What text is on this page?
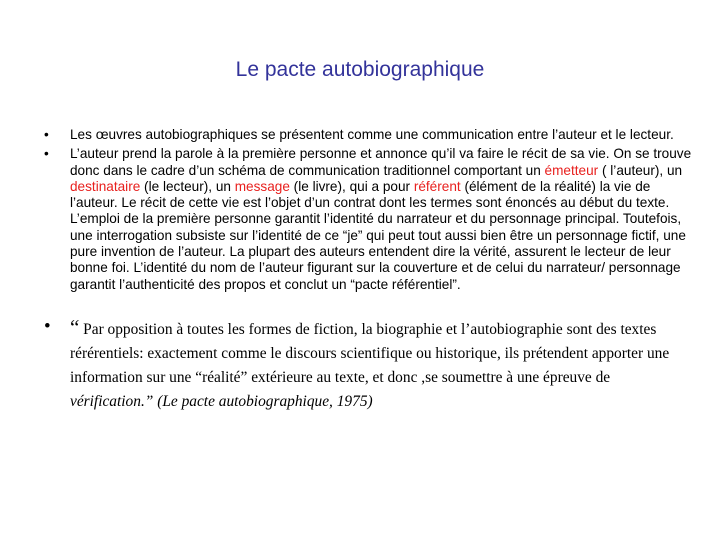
Le pacte autobiographique
• Les œuvres autobiographiques se présentent comme une communication entre l’auteur et le lecteur.
• L’auteur prend la parole à la première personne et annonce qu’il va faire le récit de sa vie. On se trouve donc dans le cadre d’un schéma de communication traditionnel comportant un émetteur ( l’auteur), un destinataire (le lecteur), un message (le livre), qui a pour référent (élément de la réalité) la vie de l’auteur. Le récit de cette vie est l’objet d’un contrat dont les termes sont énoncés au début du texte. L’emploi de la première personne garantit l’identité du narrateur et du personnage principal. Toutefois, une interrogation subsiste sur l’identité de ce “je” qui peut tout aussi bien être un personnage fictif, une pure invention de l’auteur. La plupart des auteurs entendent dire la vérité, assurent le lecteur de leur bonne foi. L’identité du nom de l’auteur figurant sur la couverture et de celui du narrateur/ personnage garantit l’authenticité des propos et conclut un “pacte référentiel”.
• “ Par opposition à toutes les formes de fiction, la biographie et l’autobiographie sont des textes rérérentiels: exactement comme le discours scientifique ou historique, ils prétendent apporter une information sur une “réalité” extérieure au texte, et donc ,se soumettre à une épreuve de vérification.” (Le pacte autobiographique, 1975)
